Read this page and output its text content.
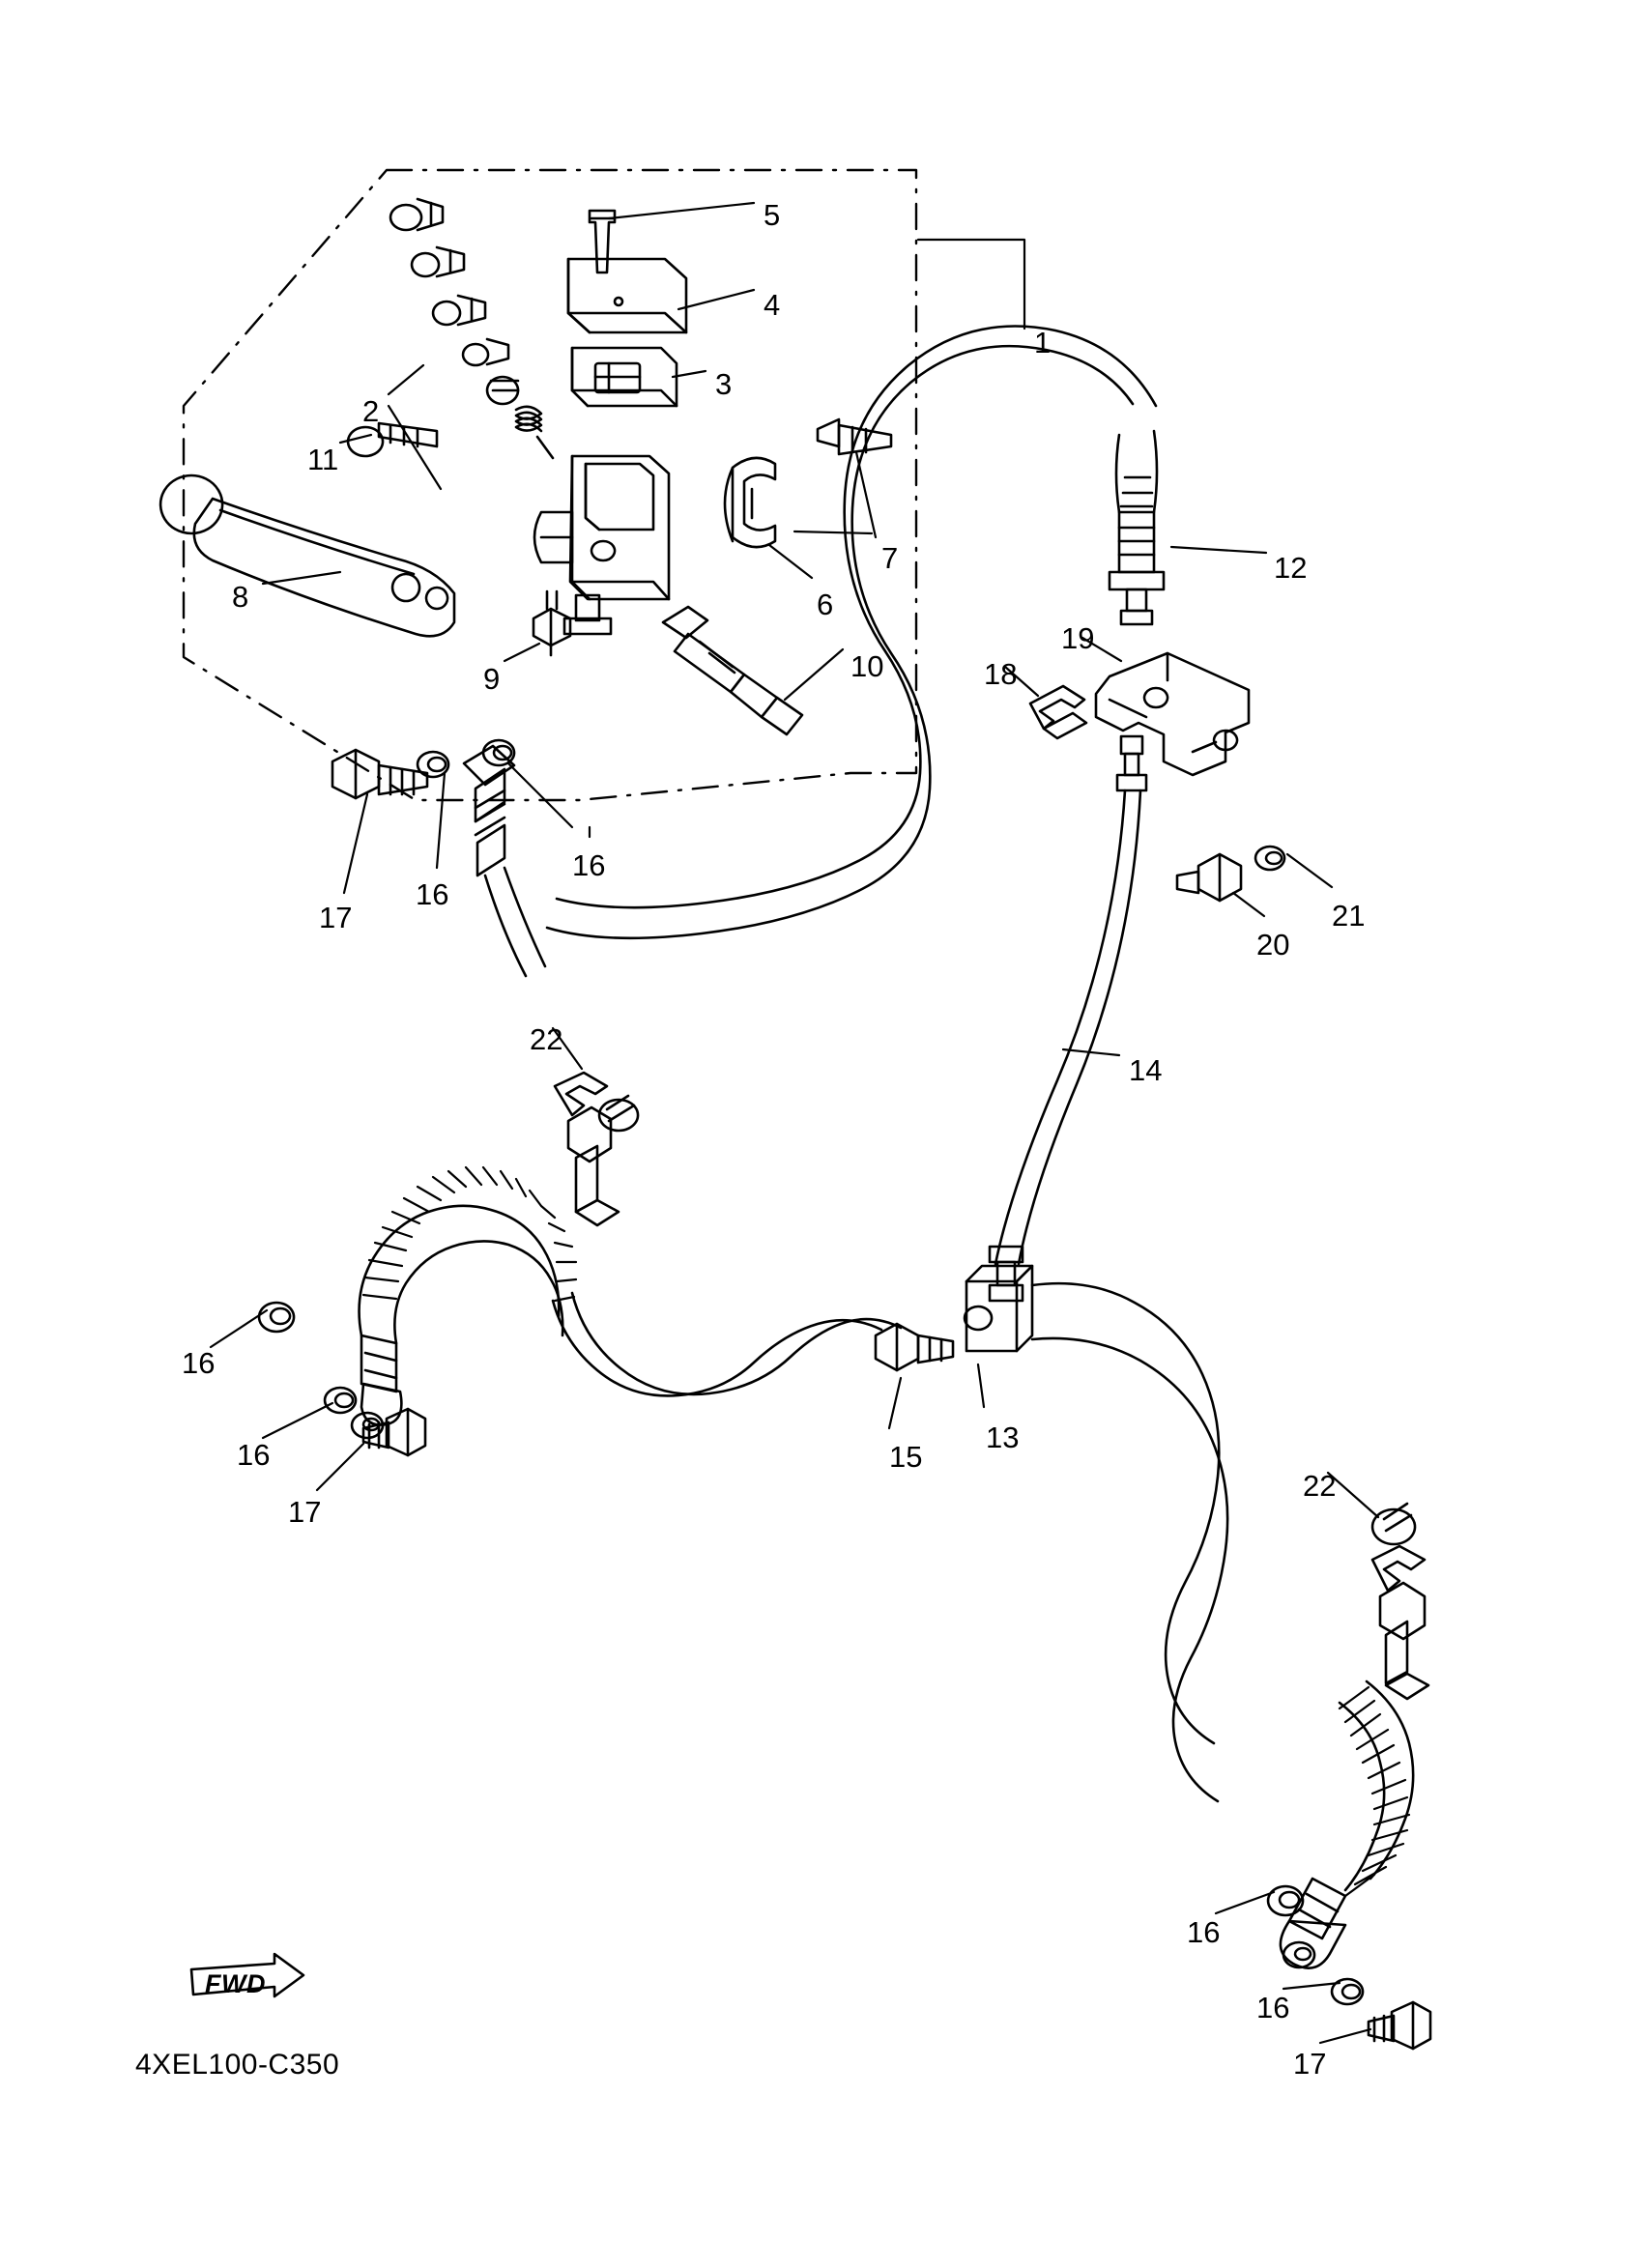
5
4
3
1
2
11
7
6
12
8
9	10
19
18
16
16
17	21
20
22
14
16
16
17
15
13
22
16
16
17
FWD
4XEL100-C350
